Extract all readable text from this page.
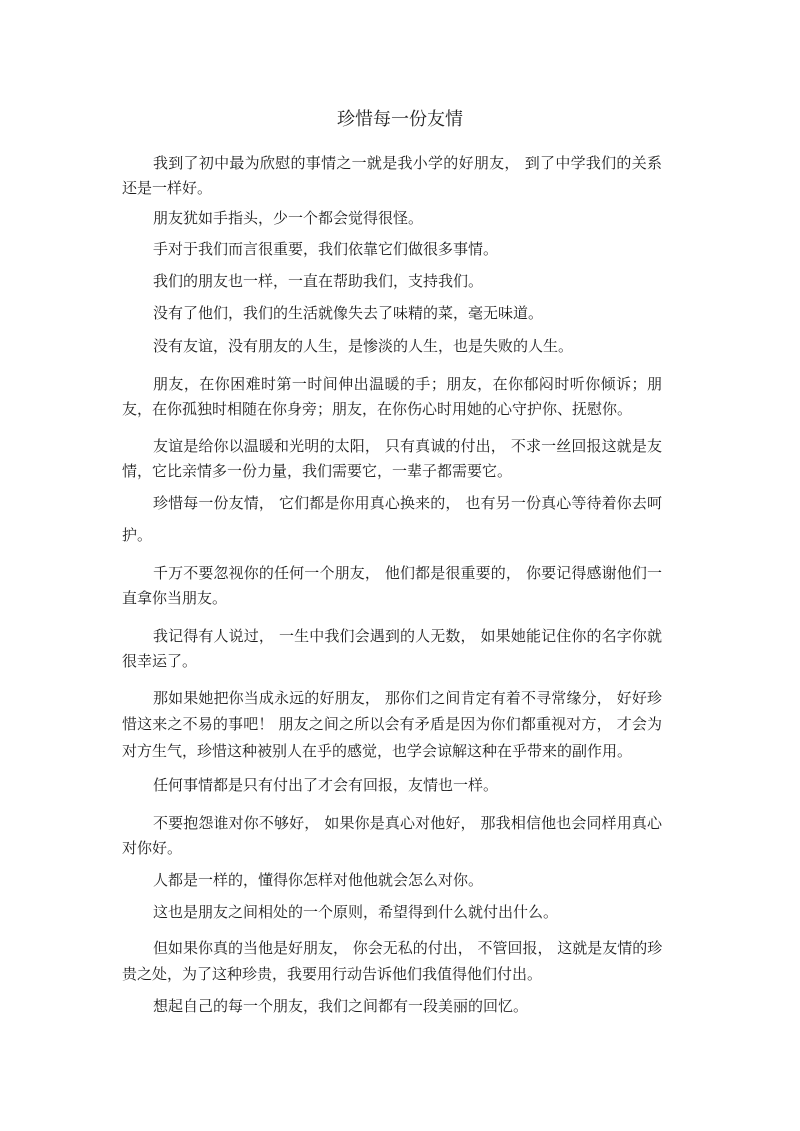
珍惜每一份友情
我到了初中最为欣慰的事情之一就是我小学的好朋友， 到了中学我们的关系
还是一样好。
朋友犹如手指头，少一个都会觉得很怪。
手对于我们而言很重要，我们依靠它们做很多事情。
我们的朋友也一样，一直在帮助我们，支持我们。
没有了他们，我们的生活就像失去了味精的菜，毫无味道。
没有友谊，没有朋友的人生，是惨淡的人生，也是失败的人生。
朋友，在你困难时第一时间伸出温暖的手；朋友，在你郁闷时听你倾诉；朋
友，在你孤独时相随在你身旁；朋友，在你伤心时用她的心守护你、抚慰你。
友谊是给你以温暖和光明的太阳， 只有真诚的付出， 不求一丝回报这就是友
情，它比亲情多一份力量，我们需要它，一辈子都需要它。
珍惜每一份友情， 它们都是你用真心换来的， 也有另一份真心等待着你去呵
护。
千万不要忽视你的任何一个朋友， 他们都是很重要的， 你要记得感谢他们一
直拿你当朋友。
我记得有人说过， 一生中我们会遇到的人无数， 如果她能记住你的名字你就
很幸运了。
那如果她把你当成永远的好朋友， 那你们之间肯定有着不寻常缘分， 好好珍
惜这来之不易的事吧！ 朋友之间之所以会有矛盾是因为你们都重视对方， 才会为
对方生气，珍惜这种被别人在乎的感觉，也学会谅解这种在乎带来的副作用。
任何事情都是只有付出了才会有回报，友情也一样。
不要抱怨谁对你不够好， 如果你是真心对他好， 那我相信他也会同样用真心
对你好。
人都是一样的，懂得你怎样对他他就会怎么对你。
这也是朋友之间相处的一个原则，希望得到什么就付出什么。
但如果你真的当他是好朋友， 你会无私的付出， 不管回报， 这就是友情的珍
贵之处，为了这种珍贵，我要用行动告诉他们我值得他们付出。
想起自己的每一个朋友，我们之间都有一段美丽的回忆。
